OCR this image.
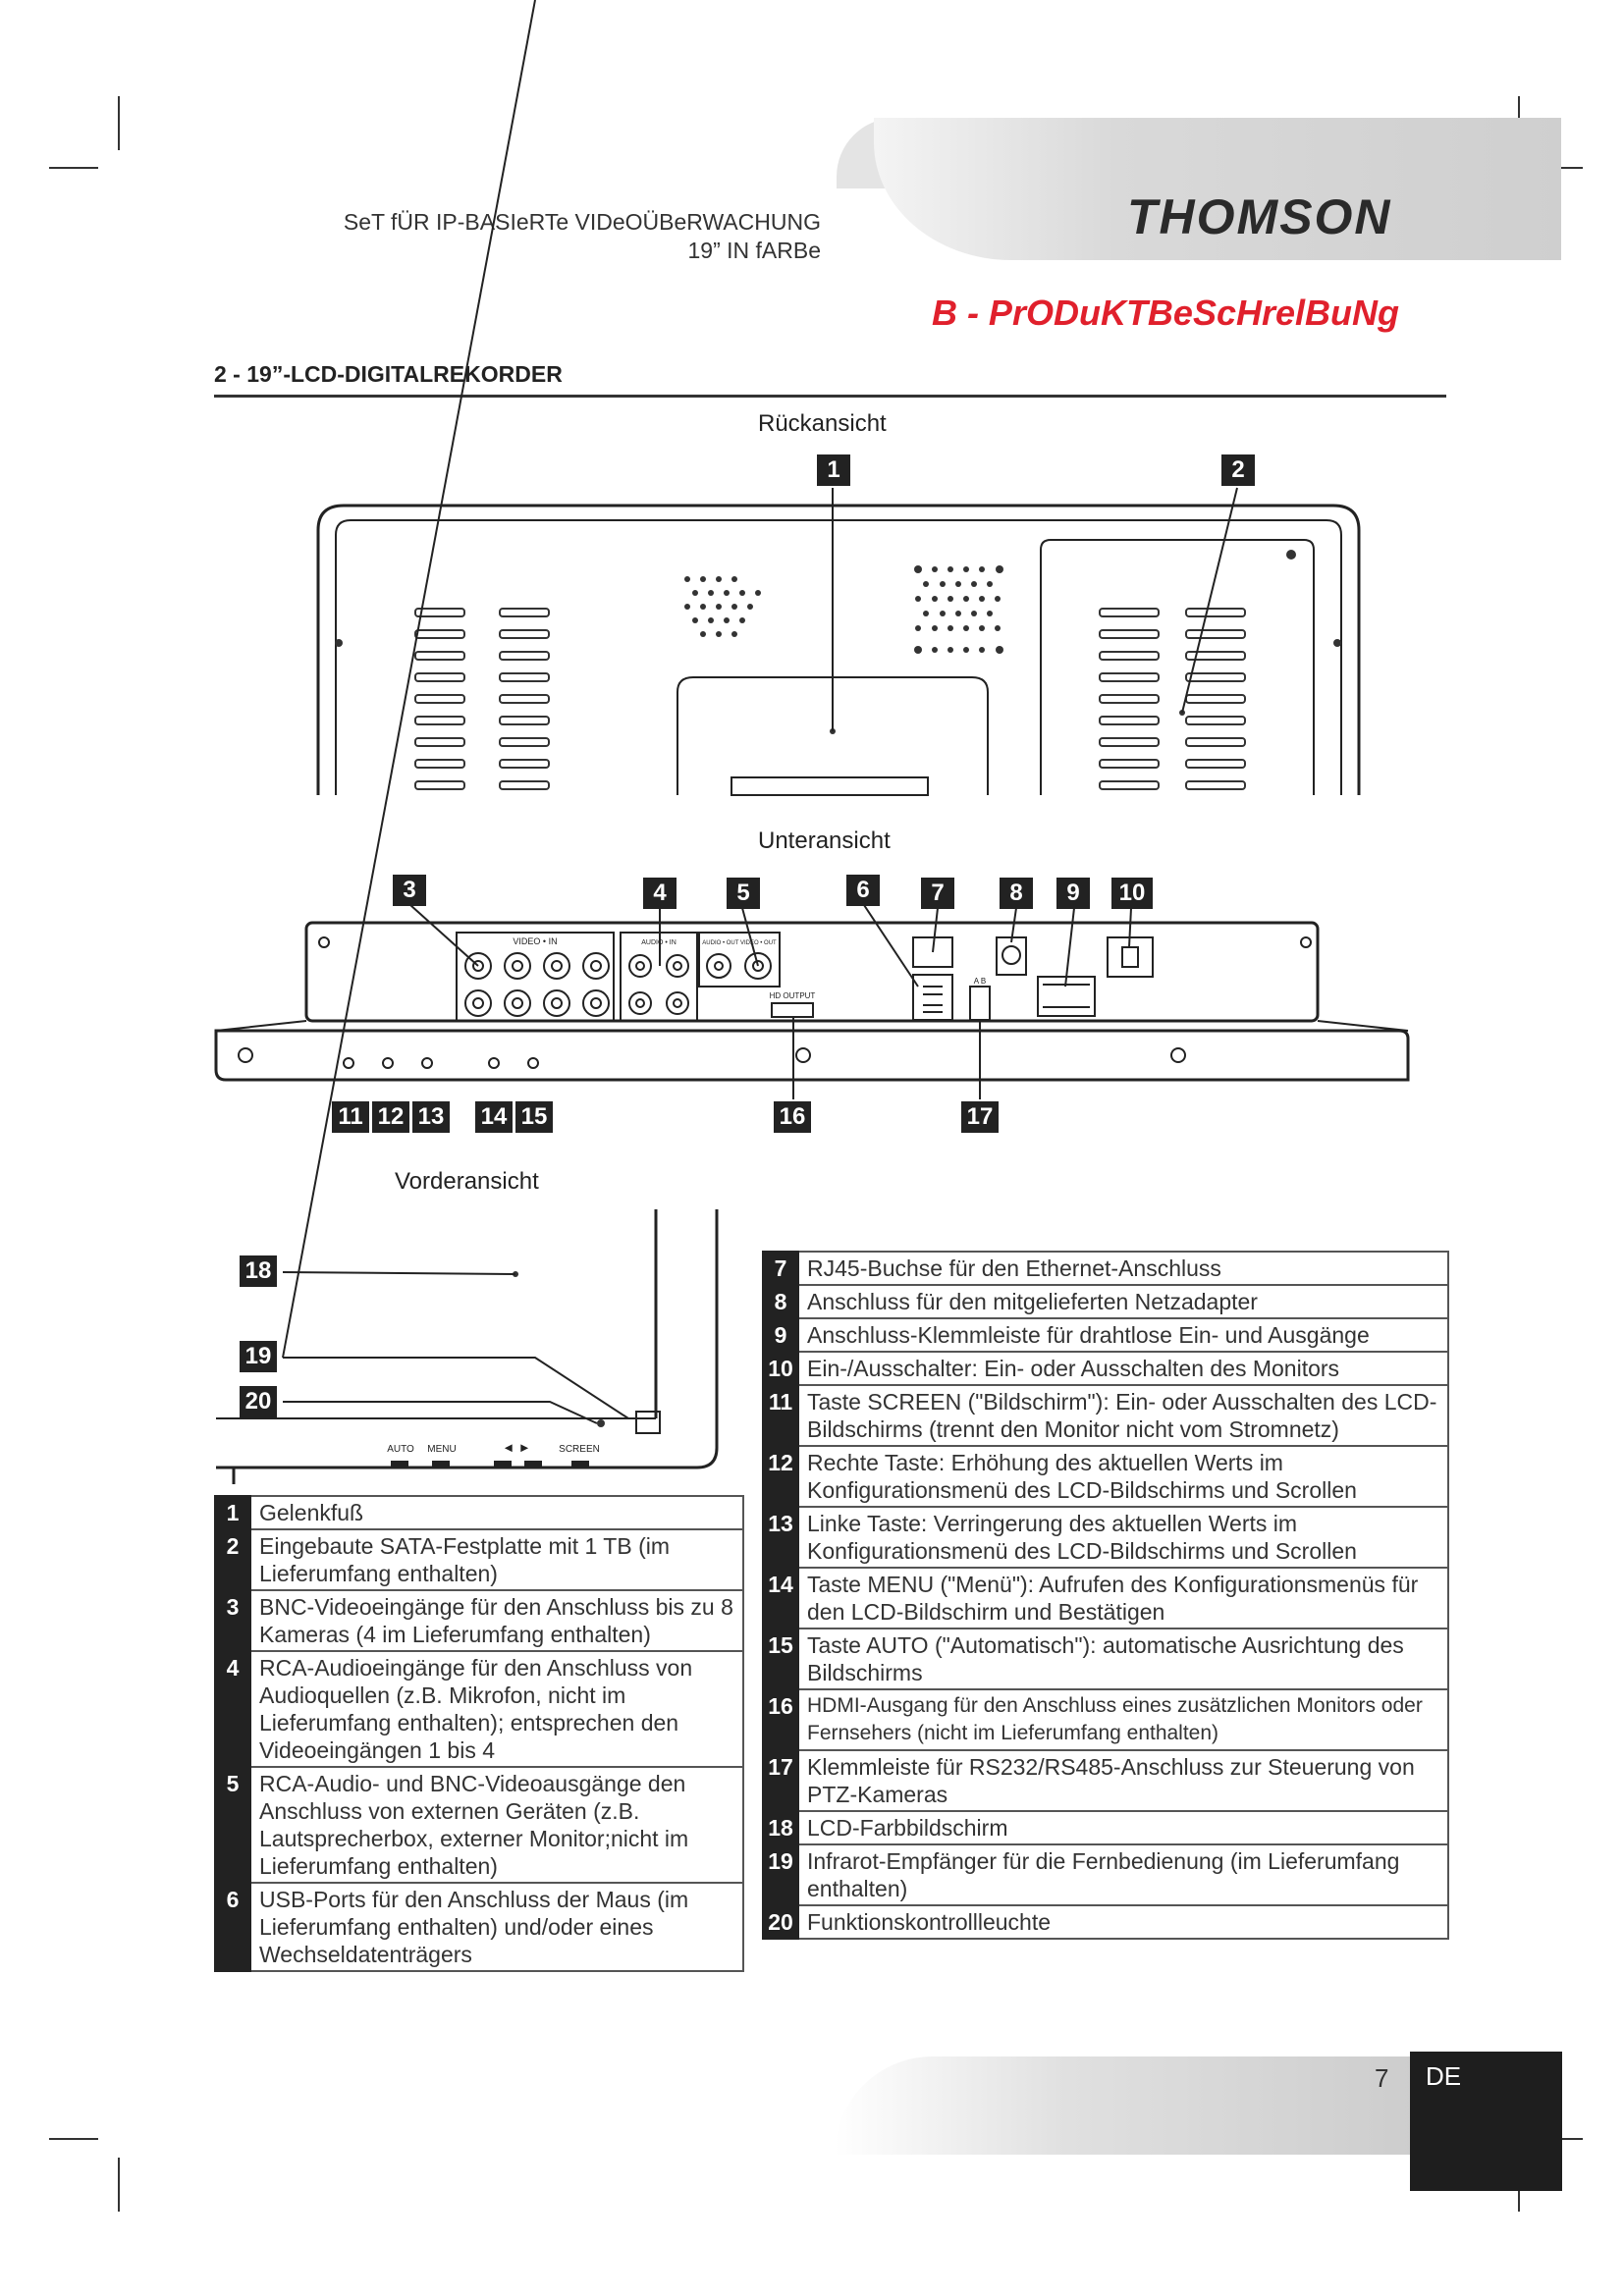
THOMSON
SeT fÜR IP-BASIeRTe VIDeOÜBeRWACHUNG
19” IN fARBe
B - PrODuKTBeScHrelBuNg
2 - 19”-LCD-DIGITALREKORDER
Rückansicht
Unteransicht
Vorderansicht
VIDEO • IN	AUDIO • IN	AUDIO • OUT VIDEO • OUT
HD OUTPUT
A B
AUTO MENU	◄ ►	SCREEN
1	2
3	4	5	6	7	8	9	10
11 12 13 14 15	16	17
18
19
20
1	Gelenkfuß
2	Eingebaute SATA-Festplatte mit 1 TB (im Lieferumfang enthalten)
3	BNC-Videoeingänge für den Anschluss bis zu 8 Kameras (4 im Lieferumfang enthalten)
4	RCA-Audioeingänge für den Anschluss von Audioquellen (z.B. Mikrofon, nicht im Lieferumfang enthalten); entsprechen den Videoeingängen 1 bis 4
5	RCA-Audio- und BNC-Videoausgänge den Anschluss von externen Geräten (z.B. Lautsprecherbox, externer Monitor;nicht im Lieferumfang enthalten)
6	USB-Ports für den Anschluss der Maus (im Lieferumfang enthalten) und/oder eines Wechseldatenträgers
7	RJ45-Buchse für den Ethernet-Anschluss
8	Anschluss für den mitgelieferten Netzadapter
9	Anschluss-Klemmleiste für drahtlose Ein- und Ausgänge
10	Ein-/Ausschalter: Ein- oder Ausschalten des Monitors
11	Taste SCREEN ("Bildschirm"): Ein- oder Ausschalten des LCD-Bildschirms (trennt den Monitor nicht vom Stromnetz)
12	Rechte Taste: Erhöhung des aktuellen Werts im Konfigurationsmenü des LCD-Bildschirms und Scrollen
13	Linke Taste: Verringerung des aktuellen Werts im Konfigurationsmenü des LCD-Bildschirms und Scrollen
14	Taste MENU ("Menü"): Aufrufen des Konfigurationsmenüs für den LCD-Bildschirm und Bestätigen
15	Taste AUTO ("Automatisch"): automatische Ausrichtung des Bildschirms
16	HDMI-Ausgang für den Anschluss eines zusätzlichen Monitors oder Fernsehers (nicht im Lieferumfang enthalten)
17	Klemmleiste für RS232/RS485-Anschluss zur Steuerung von PTZ-Kameras
18	LCD-Farbbildschirm
19	Infrarot-Empfänger für die Fernbedienung (im Lieferumfang enthalten)
20	Funktionskontrollleuchte
7 DE
